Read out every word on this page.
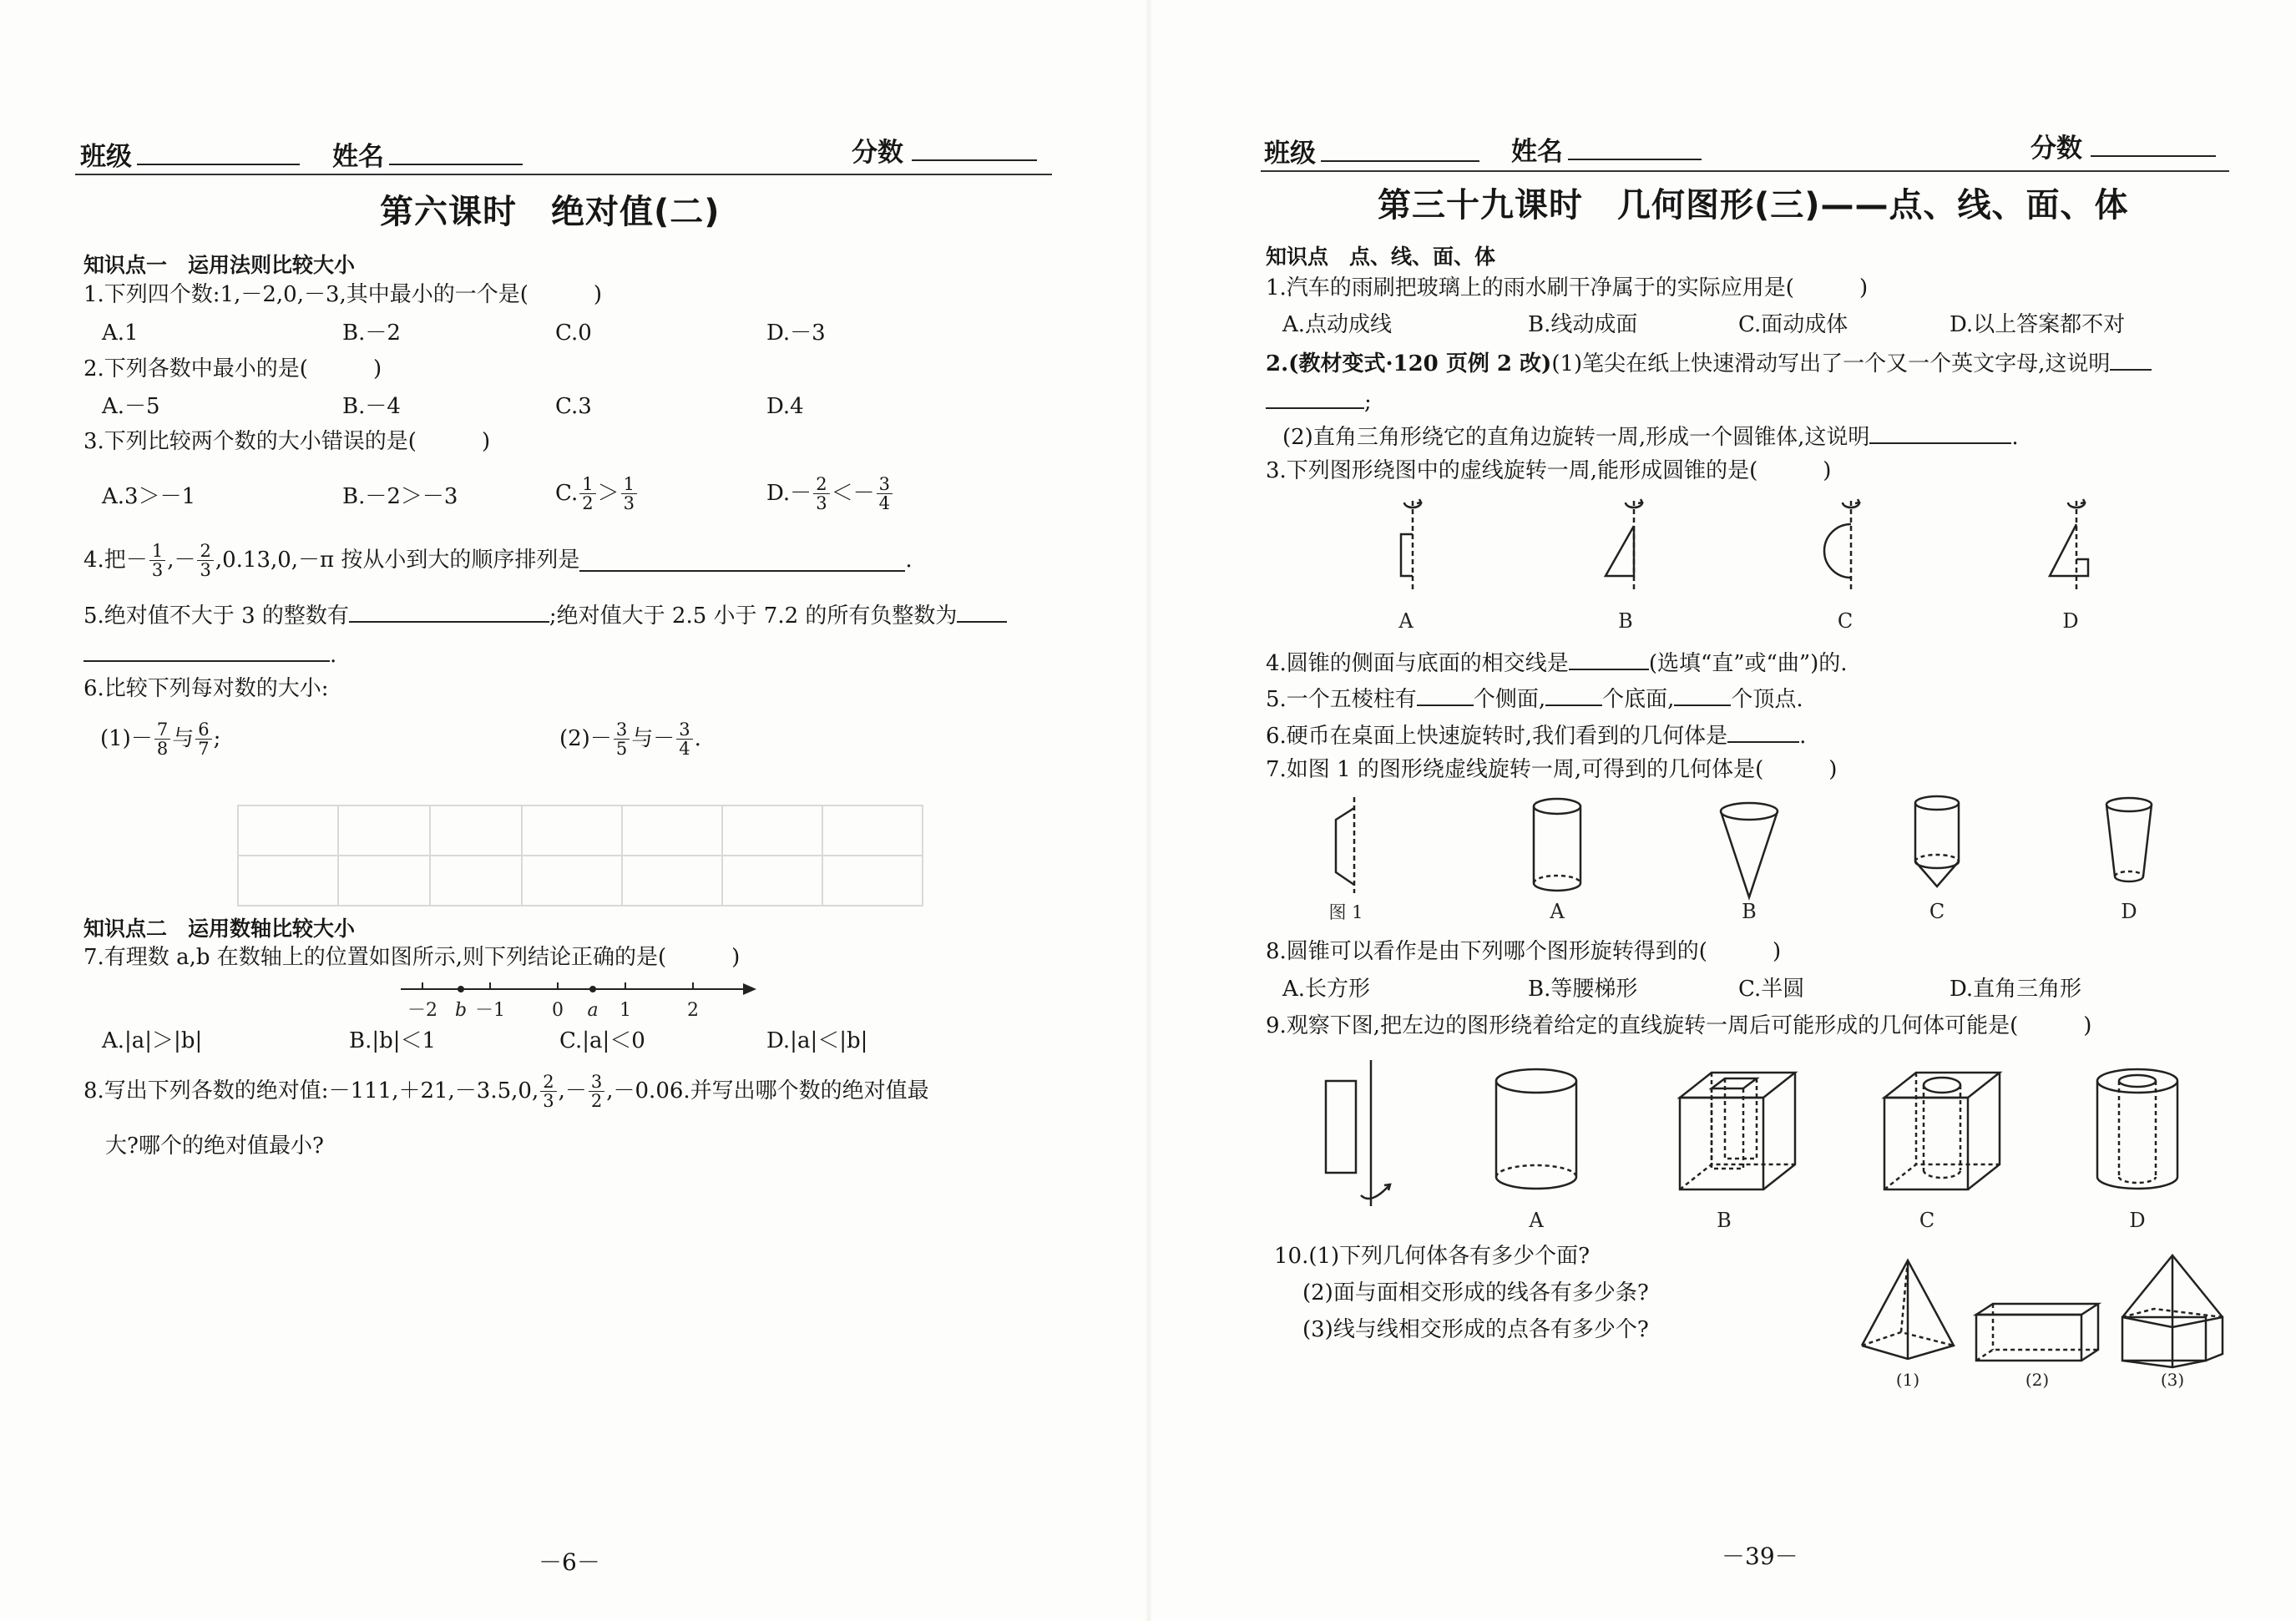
班级	姓名	分数
第六课时　绝对值(二)
知识点一　运用法则比较大小
1.下列四个数:1,－2,0,－3,其中最小的一个是(　　　)
A.1	B.－2	C.0	D.－3
2.下列各数中最小的是(　　　)
A.－5	B.－4	C.3	D.4
3.下列比较两个数的大小错误的是(　　　)
A.3＞－1	B.－2＞－3	C. $\frac{1}{2} > \frac{1}{3}$	$D.- \frac{2}{3} <- \frac{3}{4}$
4.把－ $\frac{1}{3}$ ,－ $\frac{2}{3} ,0.13,0,-\pi$ 按从小到大的顺序排列是	.
5.绝对值不大于 3 的整数有	;绝对值大于 2.5 小于 7.2 的所有负整数为
.
6.比较下列每对数的大小:
$(1)- \frac{7}{8}$ 与 $\frac{6}{7}$ ;	$(2)- \frac{3}{5}$ 与－ $\frac{3}{4}$ .
知识点二　运用数轴比较大小
7.有理数 a,b 在数轴上的位置如图所示,则下列结论正确的是(　　　)
－2 b －1	0 a 1	2
A.|a|＞|b|	B.|b|＜1	C.|a|＜0	D.|a|＜|b|
8.写出下列各数的绝对值:－111,＋21,－3.5,0, $\frac{2}{3}$ ,－ $\frac{3}{2} ,-0.06$.并写出哪个数的绝对值最
大?哪个的绝对值最小?
－6－
班级	姓名	分数
第三十九课时　几何图形(三)——点、线、面、体
知识点　点、线、面、体
1.汽车的雨刷把玻璃上的雨水刷干净属于的实际应用是(　　　)
A.点动成线	B.线动成面	C.面动成体	D.以上答案都不对
2.(教材变式·120 页例 2 改)(1)笔尖在纸上快速滑动写出了一个又一个英文字母,这说明
;
(2)直角三角形绕它的直角边旋转一周,形成一个圆锥体,这说明	.
3.下列图形绕图中的虚线旋转一周,能形成圆锥的是(　　　)
A	B	C	D
4.圆锥的侧面与底面的相交线是	(选填“直”或“曲”)的.
5.一个五棱柱有	个侧面,	个底面,	个顶点.
6.硬币在桌面上快速旋转时,我们看到的几何体是	.
7.如图 1 的图形绕虚线旋转一周,可得到的几何体是(　　　)
图 1	A	B	C	D
8.圆锥可以看作是由下列哪个图形旋转得到的(　　　)
A.长方形	B.等腰梯形	C.半圆	D.直角三角形
9.观察下图,把左边的图形绕着给定的直线旋转一周后可能形成的几何体可能是(　　　)
A	B	C	D
10.(1)下列几何体各有多少个面?
(2)面与面相交形成的线各有多少条?
(3)线与线相交形成的点各有多少个?
(1)	(2)	(3)
－39－
